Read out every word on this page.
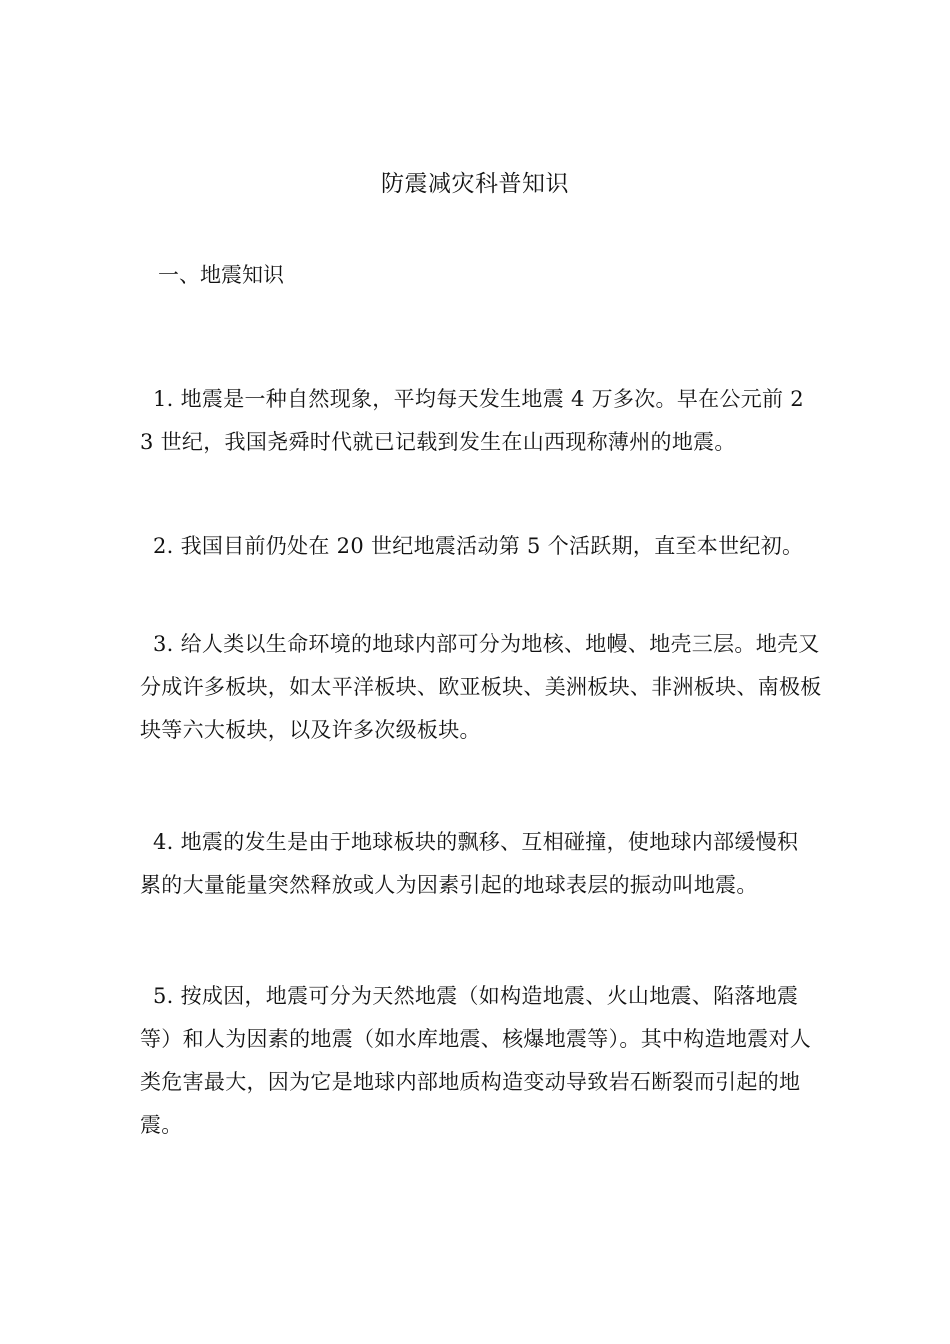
防震减灾科普知识
一、地震知识

1. 地震是一种自然现象，平均每天发生地震 4 万多次。早在公元前 23 世纪，我国尧舜时代就已记载到发生在山西现称薄州的地震。

2. 我国目前仍处在 20 世纪地震活动第 5 个活跃期，直至本世纪初。

3. 给人类以生命环境的地球内部可分为地核、地幔、地壳三层。地壳又分成许多板块，如太平洋板块、欧亚板块、美洲板块、非洲板块、南极板块等六大板块，以及许多次级板块。

4. 地震的发生是由于地球板块的飘移、互相碰撞，使地球内部缓慢积累的大量能量突然释放或人为因素引起的地球表层的振动叫地震。

5. 按成因，地震可分为天然地震（如构造地震、火山地震、陷落地震等）和人为因素的地震（如水库地震、核爆地震等）。其中构造地震对人类危害最大，因为它是地球内部地质构造变动导致岩石断裂而引起的地震。
